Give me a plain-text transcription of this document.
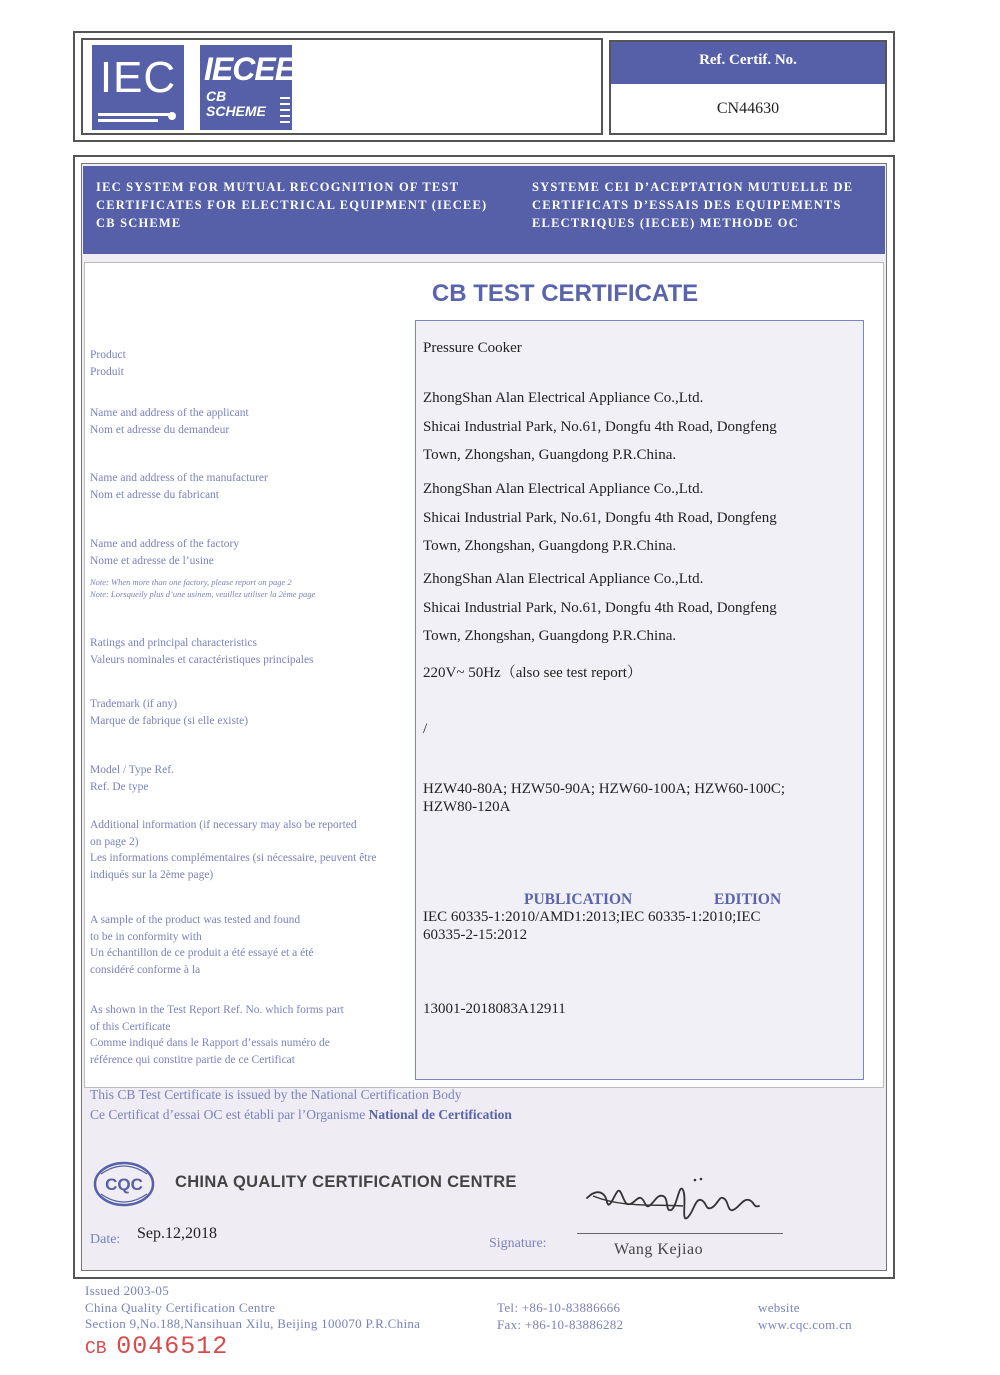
IEC IECEE
CB
SCHEME
Ref. Certif. No.
CN44630
IEC SYSTEM FOR MUTUAL RECOGNITION OF TEST
CERTIFICATES FOR ELECTRICAL EQUIPMENT (IECEE)
CB SCHEME
SYSTEME CEI D’ACEPTATION MUTUELLE DE
CERTIFICATS D’ESSAIS DES EQUIPEMENTS
ELECTRIQUES (IECEE) METHODE OC
CB TEST CERTIFICATE
Product
Produit
Name and address of the applicant
Nom et adresse du demandeur
Name and address of the manufacturer
Nom et adresse du fabricant
Name and address of the factory
Nome et adresse de l’usine
Note: When more than one factory, please report on page 2
Note: Lorsqueily plus d’une usinem, veuillez utiliser la 2ème page
Ratings and principal characteristics
Valeurs nominales et caractéristiques principales
Trademark (if any)
Marque de fabrique (si elle existe)
Model / Type Ref.
Ref. De type
Additional information (if necessary may also be reported
on page 2)
Les informations complémentaires (si nécessaire, peuvent être
indiqués sur la 2ème page)
A sample of the product was tested and found
to be in conformity with
Un échantillon de ce produit a été essayé et a été
considéré conforme à la
As shown in the Test Report Ref. No. which forms part
of this Certificate
Comme indiqué dans le Rapport d’essais numéro de
référence qui constitre partie de ce Certificat
Pressure Cooker
ZhongShan Alan Electrical Appliance Co.,Ltd.
Shicai Industrial Park, No.61, Dongfu 4th Road, Dongfeng
Town, Zhongshan, Guangdong P.R.China.
ZhongShan Alan Electrical Appliance Co.,Ltd.
Shicai Industrial Park, No.61, Dongfu 4th Road, Dongfeng
Town, Zhongshan, Guangdong P.R.China.
ZhongShan Alan Electrical Appliance Co.,Ltd.
Shicai Industrial Park, No.61, Dongfu 4th Road, Dongfeng
Town, Zhongshan, Guangdong P.R.China.
220V~ 50Hz（also see test report）
/
HZW40-80A; HZW50-90A; HZW60-100A; HZW60-100C;
HZW80-120A
PUBLICATION	EDITION
IEC 60335-1:2010/AMD1:2013;IEC 60335-1:2010;IEC
60335-2-15:2012
13001-2018083A12911
This CB Test Certificate is issued by the National Certification Body
Ce Certificat d’essai OC est établi par l’Organisme National de Certification
CQC CHINA QUALITY CERTIFICATION CENTRE
Date: Sep.12,2018
Signature:	Wang Kejiao
Issued 2003-05
China Quality Certification Centre
Section 9,No.188,Nansihuan Xilu, Beijing 100070 P.R.China
Tel: +86-10-83886666
Fax: +86-10-83886282
website
www.cqc.com.cn
CB 0046512
